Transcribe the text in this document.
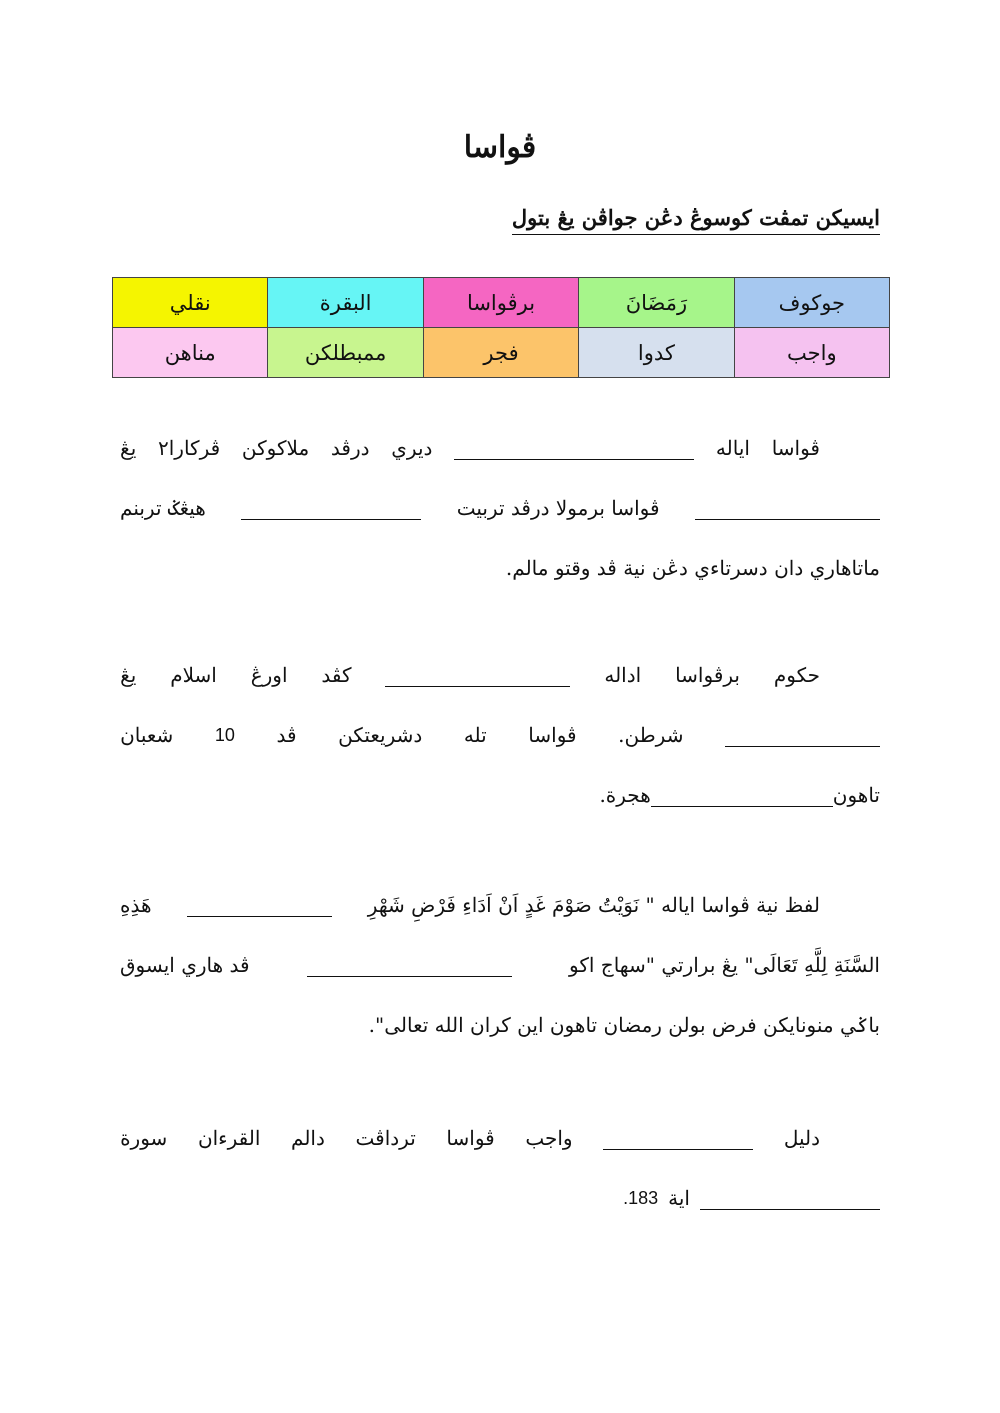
ڤواسا
ايسيكن تمڤت كوسوڠ دڠن جواڤن يڠ بتول
جوكوف	رَمَضَانَ	برڤواسا	البقرة	نقلي
واجب	كدوا	فجر	ممبطلكن	مناهن
ڤواسا
اياله
ديري
درڤد
ملاكوكن
ڤركارا٢
يڠ
ڤواسا برمولا درڤد تربيت
هيڠݢ تربنم
ماتاهاري دان دسرتاءي دڠن نية ڤد وقتو مالم.
حكوم
برڤواسا
اداله
كڤد
اورڠ
اسلام
يڠ
شرطن.
ڤواسا
تله
دشريعتكن
ڤد
10
شعبان
تاهون
هجرة.
لفظ نية ڤواسا اياله " نَوَيْتُ صَوْمَ غَدٍ اَنْ اَدَاءِ فَرْضِ شَهْرِ
هَذِهِ
السَّنَةِ لِلَّهِ تَعَالَى" يڠ برارتي "سهاج اكو
ڤد هاري ايسوق
باݢي منونايكن فرض بولن رمضان تاهون اين كران الله تعالى".
دليل
واجب
ڤواسا
ترداڤت
دالم
القرءان
سورة
اية
183.
